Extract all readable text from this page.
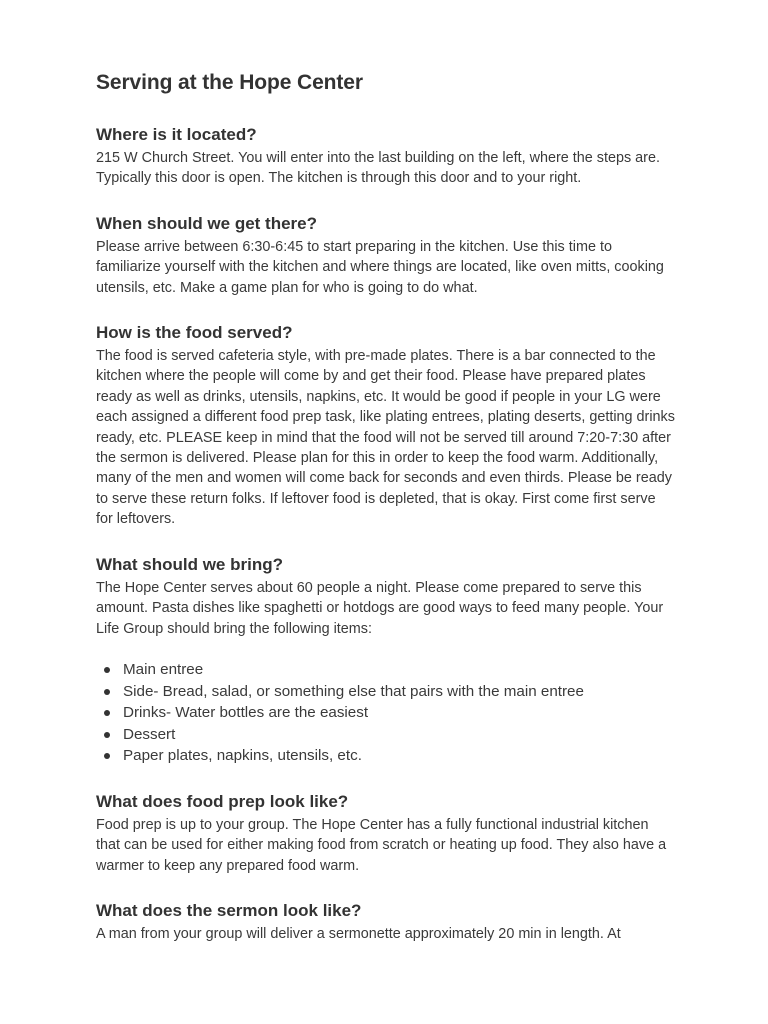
Serving at the Hope Center
Where is it located?

215 W Church Street. You will enter into the last building on the left, where the steps are. Typically this door is open. The kitchen is through this door and to your right.

When should we get there?

Please arrive between 6:30-6:45 to start preparing in the kitchen. Use this time to familiarize yourself with the kitchen and where things are located, like oven mitts, cooking utensils, etc. Make a game plan for who is going to do what.

How is the food served?

The food is served cafeteria style, with pre-made plates. There is a bar connected to the kitchen where the people will come by and get their food. Please have prepared plates ready as well as drinks, utensils, napkins, etc. It would be good if people in your LG were each assigned a different food prep task, like plating entrees, plating deserts, getting drinks ready, etc. PLEASE keep in mind that the food will not be served till around 7:20-7:30 after the sermon is delivered. Please plan for this in order to keep the food warm. Additionally, many of the men and women will come back for seconds and even thirds. Please be ready to serve these return folks. If leftover food is depleted, that is okay. First come first serve for leftovers.

What should we bring?

The Hope Center serves about 60 people a night. Please come prepared to serve this amount. Pasta dishes like spaghetti or hotdogs are good ways to feed many people. Your Life Group should bring the following items:

Main entree
Side- Bread, salad, or something else that pairs with the main entree
Drinks- Water bottles are the easiest
Dessert
Paper plates, napkins, utensils, etc.
What does food prep look like?

Food prep is up to your group. The Hope Center has a fully functional industrial kitchen that can be used for either making food from scratch or heating up food. They also have a warmer to keep any prepared food warm.

What does the sermon look like?

A man from your group will deliver a sermonette approximately 20 min in length. At
